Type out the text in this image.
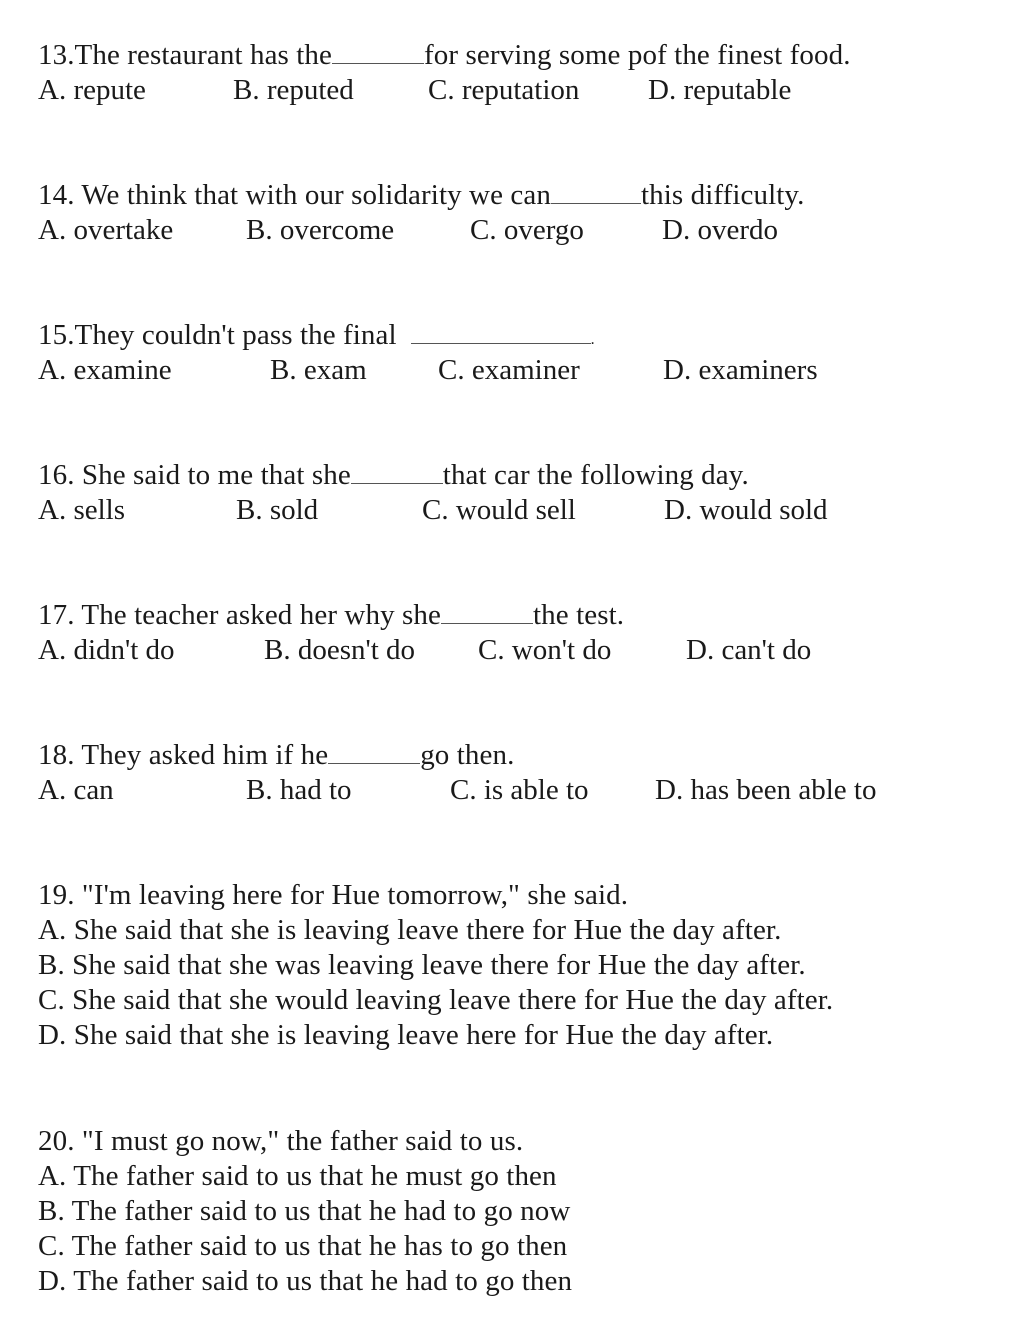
13.The restaurant has the	for serving some pof the finest food.
A. repute	B. reputed	C. reputation D. reputable
14. We think that with our solidarity we can	this difficulty.
A. overtake	B. overcome	C. overgo	D. overdo
15.They couldn't pass the final	.
A. examine	B. exam C. examiner	D. examiners
16. She said to me that she	that car the following day.
A. sells	B. sold	C. would sell	D. would sold
17. The teacher asked her why she	the test.
A. didn't do	B. doesn't do C. won't do	D. can't do
18. They asked him if he	go then.
A. can	B. had to	C. is able to D. has been able to
19. "I'm leaving here for Hue tomorrow," she said.
A. She said that she is leaving leave there for Hue the day after.
B. She said that she was leaving leave there for Hue the day after.
C. She said that she would leaving leave there for Hue the day after.
D. She said that she is leaving leave here for Hue the day after.
20. "I must go now," the father said to us.
A. The father said to us that he must go then
B. The father said to us that he had to go now
C. The father said to us that he has to go then
D. The father said to us that he had to go then
